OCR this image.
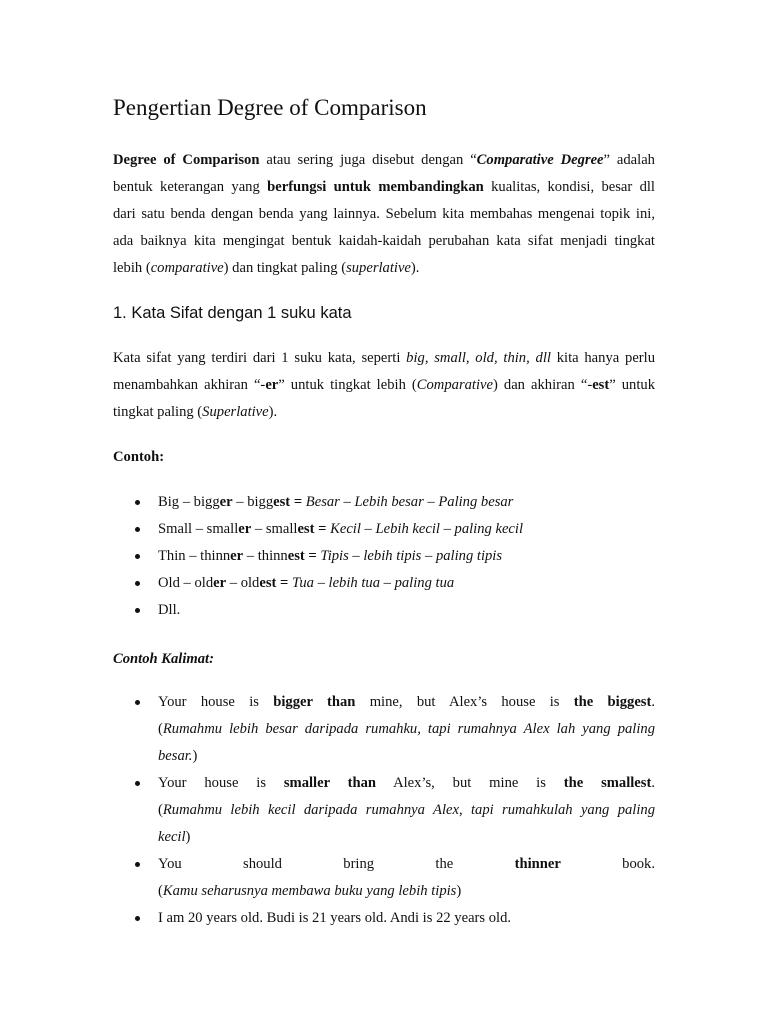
Pengertian Degree of Comparison

Degree of Comparison atau sering juga disebut dengan “Comparative Degree” adalah
bentuk keterangan yang berfungsi untuk membandingkan kualitas, kondisi, besar dll
dari satu benda dengan benda yang lainnya. Sebelum kita membahas mengenai topik ini,
ada baiknya kita mengingat bentuk kaidah-kaidah perubahan kata sifat menjadi tingkat
lebih (comparative) dan tingkat paling (superlative).

1. Kata Sifat dengan 1 suku kata

Kata sifat yang terdiri dari 1 suku kata, seperti big, small, old, thin, dll kita hanya perlu
menambahkan akhiran “-er” untuk tingkat lebih (Comparative) dan akhiran “-est” untuk
tingkat paling (Superlative).

Contoh:
Big – bigger – biggest = Besar – Lebih besar – Paling besar
Small – smaller – smallest = Kecil – Lebih kecil – paling kecil
Thin – thinner – thinnest = Tipis – lebih tipis – paling tipis
Old – older – oldest = Tua – lebih tua – paling tua
Dll.
Contoh Kalimat:
Your house is bigger than mine, but Alex’s house is the biggest.
(Rumahmu lebih besar daripada rumahku, tapi rumahnya Alex lah yang paling
besar.)
Your house is smaller than Alex’s, but mine is the smallest.
(Rumahmu lebih kecil daripada rumahnya Alex, tapi rumahkulah yang paling
kecil)
You should bring the thinner book.
(Kamu seharusnya membawa buku yang lebih tipis)
I am 20 years old. Budi is 21 years old. Andi is 22 years old.
